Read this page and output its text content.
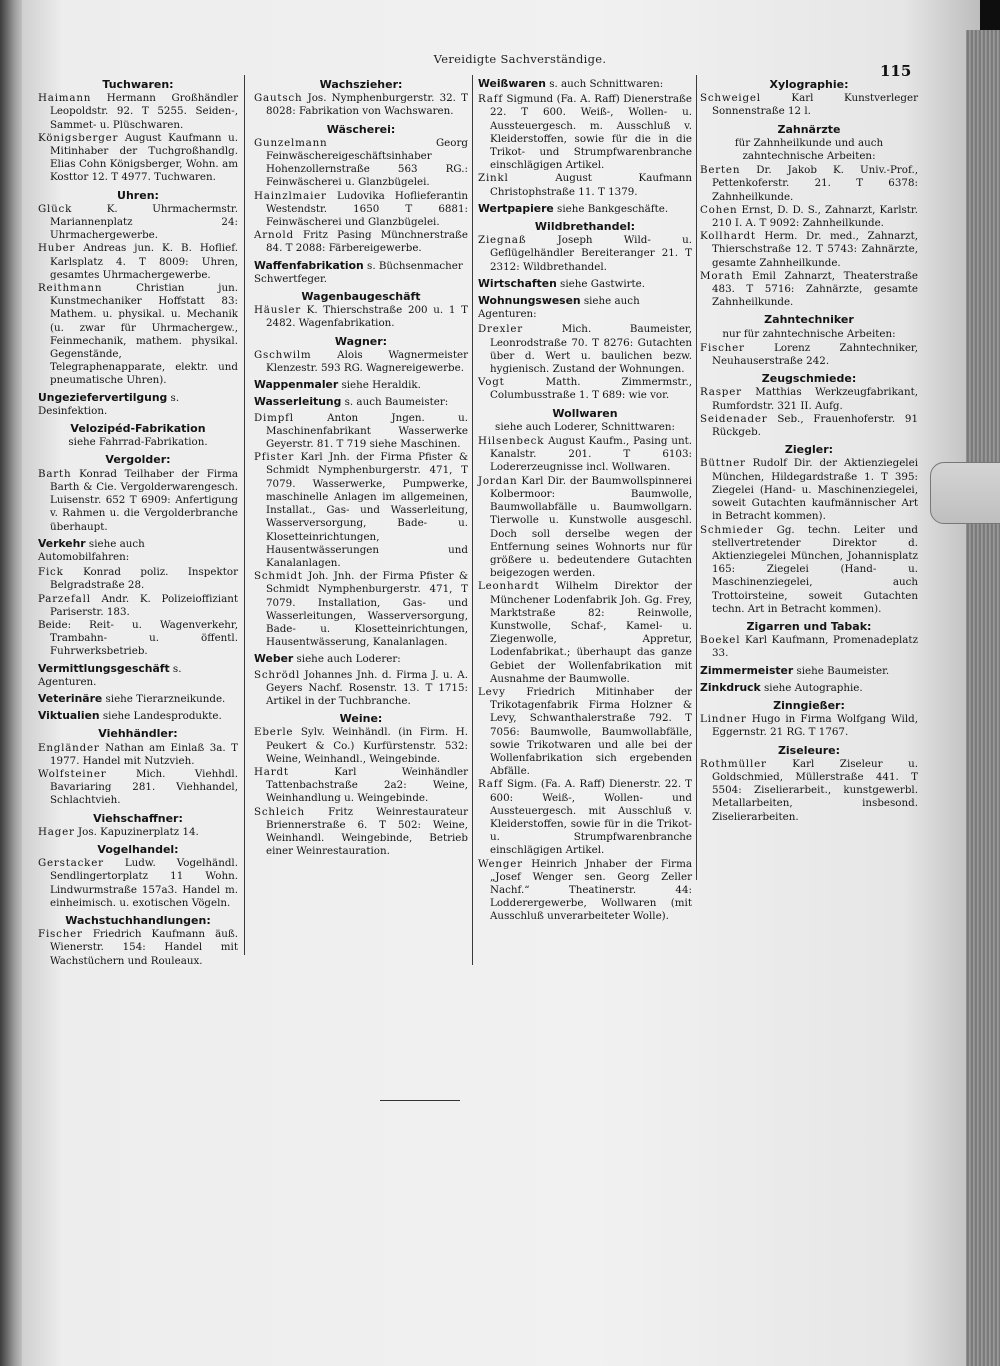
Vereidigte Sachverständige.
115
Tuchwaren:

Haimann Hermann Großhändler Leopoldstr. 92. T 5255. Seiden-, Sammet- u. Plüschwaren.

Königsberger August Kaufmann u. Mitinhaber der Tuchgroßhandlg. Elias Cohn Königsberger, Wohn. am Kosttor 12. T 4977. Tuchwaren.

Uhren:

Glück	K. Uhrmachermstr. Mariannenplatz 24: Uhrmachergewerbe.

Huber Andreas jun. K. B. Hoflief. Karlsplatz 4. T 8009: Uhren, gesamtes Uhrmachergewerbe.

Reithmann	Christian jun. Kunstmechaniker Hoffstatt 83: Mathem. u. physikal. u. Mechanik (u. zwar für Uhrmachergew., Feinmechanik, mathem. physikal. Gegenstände, Telegraphenapparate, elektr. und pneumatische Uhren).

Ungeziefervertilgung s. Desinfektion.
Velozipéd-Fabrikation
siehe Fahrrad-Fabrikation.
Vergolder:

Barth Konrad Teilhaber der Firma Barth & Cie. Vergolderwarengesch. Luisenstr. 652 T 6909: Anfertigung v. Rahmen u. die Vergolderbranche überhaupt.

Verkehr siehe auch Automobilfahren:

Fick Konrad poliz. Inspektor Belgradstraße 28.

Parzefall Andr. K. Polizeioffiziant Pariserstr. 183.

Beide: Reit- u. Wagenverkehr, Trambahn- u. öffentl. Fuhrwerksbetrieb.

Vermittlungsgeschäft s. Agenturen.
Veterinäre siehe Tierarzneikunde.
Viktualien siehe Landesprodukte.
Viehhändler:

Engländer Nathan am Einlaß 3a. T 1977. Handel mit Nutzvieh.

Wolfsteiner	Mich. Viehhdl. Bavariaring 281. Viehhandel, Schlachtvieh.

Viehschaffner:

Hager Jos. Kapuzinerplatz 14.

Vogelhandel:

Gerstacker Ludw. Vogelhändl. Sendlingertorplatz 11 Wohn. Lindwurmstraße 157a3. Handel m. einheimisch. u. exotischen Vögeln.

Wachstuchhandlungen:

Fischer Friedrich Kaufmann äuß. Wienerstr. 154: Handel mit Wachstüchern und Rouleaux.

Wachszieher:

Gautsch Jos. Nymphenburgerstr. 32. T 8028: Fabrikation von Wachswaren.

Wäscherei:

Gunzelmann	Georg Feinwäschereigeschäftsinhaber Hohenzollernstraße 563 RG.: Feinwäscherei u. Glanzbügelei.

Hainzlmaier Ludovika Hoflieferantin Westendstr. 1650 T 6881: Feinwäscherei und Glanzbügelei.

Arnold Fritz Pasing Münchnerstraße 84. T 2088: Färbereigewerbe.

Waffenfabrikation s. Büchsenmacher Schwertfeger.
Wagenbaugeschäft

Häusler K. Thierschstraße 200 u. 1 T 2482. Wagenfabrikation.

Wagner:

Gschwilm Alois Wagnermeister Klenzestr. 593 RG. Wagnereigewerbe.

Wappenmaler siehe Heraldik.
Wasserleitung s. auch Baumeister:

Dimpfl	Anton Jngen. u. Maschinenfabrikant Wasserwerke Geyerstr. 81. T 719 siehe Maschinen.

Pfister Karl Jnh. der Firma Pfister & Schmidt Nymphenburgerstr. 471, T 7079. Wasserwerke, Pumpwerke, maschinelle Anlagen im allgemeinen, Installat., Gas- und Wasserleitung, Wasserversorgung, Bade- u. Klosetteinrichtungen, Hausentwässerungen und Kanalanlagen.

Schmidt Joh. Jnh. der Firma Pfister & Schmidt Nymphenburgerstr. 471, T 7079. Installation, Gas- und Wasserleitungen, Wasserversorgung, Bade- u. Klosetteinrichtungen, Hausentwässerung, Kanalanlagen.

Weber siehe auch Loderer:

Schrödl Johannes Jnh. d. Firma J. u. A. Geyers Nachf. Rosenstr. 13. T 1715: Artikel in der Tuchbranche.

Weine:

Eberle Sylv. Weinhändl. (in Firm. H. Peukert & Co.) Kurfürstenstr. 532: Weine, Weinhandl., Weingebinde.

Hardt	Karl Weinhändler Tattenbachstraße 2a2: Weine, Weinhandlung u. Weingebinde.

Schleich Fritz Weinrestaurateur Briennerstraße 6. T 502: Weine, Weinhandl. Weingebinde, Betrieb einer Weinrestauration.

Weißwaren s. auch Schnittwaren:

Raff Sigmund (Fa. A. Raff) Dienerstraße 22. T 600. Weiß-, Wollen- u. Aussteuergesch. m. Ausschluß v. Kleiderstoffen, sowie für die in die Trikot- und Strumpfwarenbranche einschlägigen Artikel.

Zinkl	August Kaufmann Christophstraße 11. T 1379.

Wertpapiere siehe Bankgeschäfte.
Wildbrethandel:

Ziegnaß	Joseph Wild- u. Geflügelhändler Bereiteranger 21. T 2312: Wildbrethandel.

Wirtschaften siehe Gastwirte.
Wohnungswesen siehe auch Agenturen:

Drexler	Mich. Baumeister, Leonrodstraße 70. T 8276: Gutachten über d. Wert u. baulichen bezw. hygienisch. Zustand der Wohnungen.

Vogt	Matth. Zimmermstr., Columbusstraße 1. T 689: wie vor.

Wollwaren
siehe auch Loderer, Schnittwaren:

Hilsenbeck August Kaufm., Pasing unt. Kanalstr. 201. T 6103: Lodererzeugnisse incl. Wollwaren.

Jordan Karl Dir. der Baumwollspinnerei Kolbermoor: Baumwolle, Baumwollabfälle u. Baumwollgarn. Tierwolle u. Kunstwolle ausgeschl. Doch soll derselbe wegen der Entfernung seines Wohnorts nur für größere u. bedeutendere Gutachten beigezogen werden.

Leonhardt Wilhelm Direktor der Münchener Lodenfabrik Joh. Gg. Frey, Marktstraße 82: Reinwolle, Kunstwolle, Schaf-, Kamel- u. Ziegenwolle, Appretur, Lodenfabrikat.; überhaupt das ganze Gebiet der Wollenfabrikation mit Ausnahme der Baumwolle.

Levy Friedrich Mitinhaber der Trikotagenfabrik Firma Holzner & Levy, Schwanthalerstraße 792. T 7056: Baumwolle, Baumwollabfälle, sowie Trikotwaren und alle bei der Wollenfabrikation sich ergebenden Abfälle.

Raff Sigm. (Fa. A. Raff) Dienerstr. 22. T 600: Weiß-, Wollen- und Aussteuergesch. mit Ausschluß v. Kleiderstoffen, sowie für in die Trikot- u. Strumpfwarenbranche einschlägigen Artikel.

Wenger Heinrich Jnhaber der Firma „Josef Wenger sen. Georg Zeller Nachf.“ Theatinerstr. 44: Lodderergewerbe, Wollwaren (mit Ausschluß unverarbeiteter Wolle).

Xylographie:

Schweigel	Karl Kunstverleger Sonnenstraße 12 l.

Zahnärzte
für Zahnheilkunde und auch zahntechnische Arbeiten:

Berten Dr. Jakob K. Univ.-Prof., Pettenkoferstr. 21. T 6378: Zahnheilkunde.

Cohen Ernst, D. D. S., Zahnarzt, Karlstr. 210 I. A. T 9092: Zahnheilkunde.

Kollhardt Herm. Dr. med., Zahnarzt, Thierschstraße 12. T 5743: Zahnärzte, gesamte Zahnheilkunde.

Morath Emil Zahnarzt, Theaterstraße 483. T 5716: Zahnärzte, gesamte Zahnheilkunde.

Zahntechniker
nur für zahntechnische Arbeiten:

Fischer	Lorenz Zahntechniker, Neuhauserstraße 242.

Zeugschmiede:

Rasper Matthias Werkzeugfabrikant, Rumfordstr. 321 II. Aufg.

Seidenader Seb., Frauenhoferstr. 91 Rückgeb.

Ziegler:

Büttner Rudolf Dir. der Aktienziegelei München, Hildegardstraße 1. T 395: Ziegelei (Hand- u. Maschinenziegelei, soweit Gutachten kaufmännischer Art in Betracht kommen).

Schmieder Gg. techn. Leiter und stellvertretender Direktor d. Aktienziegelei München, Johannisplatz 165: Ziegelei (Hand- u. Maschinenziegelei, auch Trottoirsteine, soweit Gutachten techn. Art in Betracht kommen).

Zigarren und Tabak:

Boekel Karl Kaufmann, Promenadeplatz 33.

Zimmermeister siehe Baumeister.
Zinkdruck siehe Autographie.
Zinngießer:

Lindner Hugo in Firma Wolfgang Wild, Eggernstr. 21 RG. T 1767.

Ziseleure:

Rothmüller Karl Ziseleur u. Goldschmied, Müllerstraße 441. T 5504: Ziselierarbeit., kunstgewerbl. Metallarbeiten, insbesond. Ziselierarbeiten.
